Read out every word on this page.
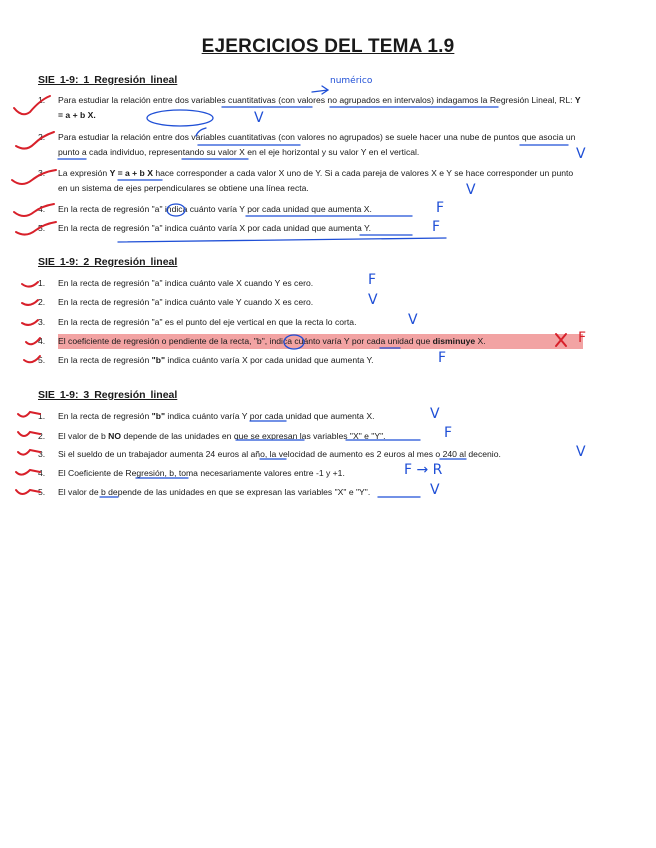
EJERCICIOS DEL TEMA 1.9
SIE 1-9: 1 Regresión lineal
1.	Para estudiar la relación entre dos variables cuantitativas (con valores no agrupados en intervalos) indagamos la Regresión Lineal, RL: Y = a + b X.
2.	Para estudiar la relación entre dos variables cuantitativas (con valores no agrupados) se suele hacer una nube de puntos que asocia un punto a cada individuo, representando su valor X en el eje horizontal y su valor Y en el vertical.
3.	La expresión Y = a + b X hace corresponder a cada valor X uno de Y. Si a cada pareja de valores X e Y se hace corresponder un punto en un sistema de ejes perpendiculares se obtiene una línea recta.
4.	En la recta de regresión "a" indica cuánto varía Y por cada unidad que aumenta X.
5.	En la recta de regresión "a" indica cuánto varía X por cada unidad que aumenta Y.
SIE 1-9: 2 Regresión lineal
1.	En la recta de regresión "a" indica cuánto vale X cuando Y es cero.
2.	En la recta de regresión "a" indica cuánto vale Y cuando X es cero.
3.	En la recta de regresión "a" es el punto del eje vertical en que la recta lo corta.
4.	El coeficiente de regresión o pendiente de la recta, "b", indica cuánto varía Y por cada unidad que disminuye X.
5.	En la recta de regresión "b" indica cuánto varía X por cada unidad que aumenta Y.
SIE 1-9: 3 Regresión lineal
1.	En la recta de regresión "b" indica cuánto varía Y por cada unidad que aumenta X.
2.	El valor de b NO depende de las unidades en que se expresan las variables "X" e "Y".
3.	Si el sueldo de un trabajador aumenta 24 euros al año, la velocidad de aumento es 2 euros al mes o 240 al decenio.
4.	El Coeficiente de Regresión, b, toma necesariamente valores entre -1 y +1.
5.	El valor de b depende de las unidades en que se expresan las variables "X" e "Y".
numérico
V
V
V
F
F
F
V
V
F
F
V
F
V
F → R
V
